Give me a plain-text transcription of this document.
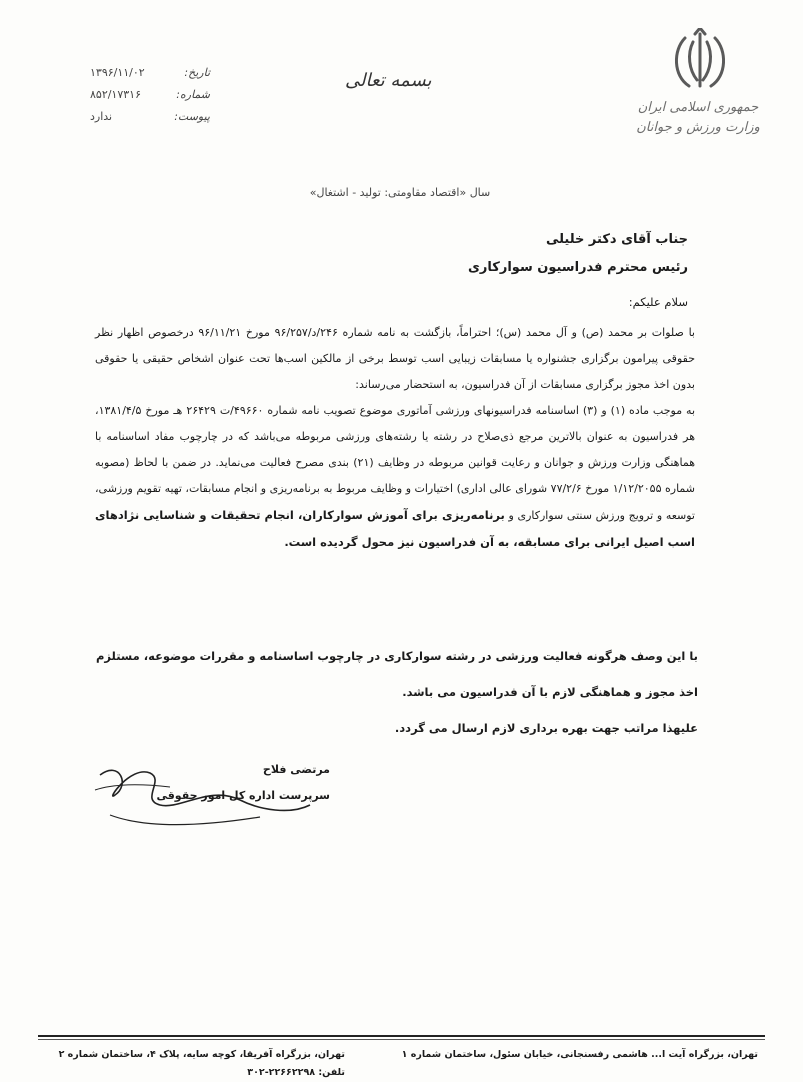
جمهوری اسلامی ایران
وزارت ورزش و جوانان
بسمه تعالی
تاریخ:
۱۳۹۶/۱۱/۰۲
شماره:
۸۵۲/۱۷۳۱۶
پیوست:
ندارد
سال «اقتصاد مقاومتی: تولید - اشتغال»
جناب آقای دکتر خلیلی
رئیس محترم فدراسیون سوارکاری
سلام علیکم:

با صلوات بر محمد (ص) و آل محمد (س)؛ احتراماً، بازگشت به نامه شماره ۲۴۶/د/۹۶/۲۵۷ مورخ ۹۶/۱۱/۲۱ درخصوص اظهار نظر حقوقی پیرامون برگزاری جشنواره یا مسابقات زیبایی اسب توسط برخی از مالکین اسب‌ها تحت عنوان اشخاص حقیقی یا حقوقی بدون اخذ مجوز برگزاری مسابقات از آن فدراسیون، به استحضار می‌رساند:

به موجب ماده (۱) و (۳) اساسنامه فدراسیونهای ورزشی آماتوری موضوع تصویب نامه شماره ۴۹۶۶۰/ت ۲۶۴۲۹ هـ مورخ ۱۳۸۱/۴/۵، هر فدراسیون به عنوان بالاترین مرجع ذی‌صلاح در رشته یا رشته‌های ورزشی مربوطه می‌باشد که در چارچوب مفاد اساسنامه با هماهنگی وزارت ورزش و جوانان و رعایت قوانین مربوطه در وظایف (۲۱) بندی مصرح فعالیت می‌نماید. در ضمن با لحاظ (مصوبه شماره ۱/۱۲/۲۰۵۵ مورخ ۷۷/۲/۶ شورای عالی اداری) اختیارات و وظایف مربوط به برنامه‌ریزی و انجام مسابقات، تهیه تقویم ورزشی، توسعه و ترویج ورزش سنتی سوارکاری و برنامه‌ریزی برای آموزش سوارکاران، انجام تحقیقات و شناسایی نژادهای اسب اصیل ایرانی برای مسابقه، به آن فدراسیون نیز محول گردیده است.

با این وصف هرگونه فعالیت ورزشی در رشته سوارکاری در چارچوب اساسنامه و مقررات موضوعه، مستلزم اخذ مجوز و هماهنگی لازم با آن فدراسیون می باشد.
علیهذا مراتب جهت بهره برداری لازم ارسال می گردد.
مرتضی فلاح
سرپرست اداره کل امور حقوقی
تهران، بزرگراه آیت ا... هاشمی رفسنجانی، خیابان سئول، ساختمان شماره ۱
تهران، بزرگراه آفریقا، کوچه سایه، پلاک ۴، ساختمان شماره ۲
تلفن: ۲۲۶۶۲۲۹۸-۳۰۲
